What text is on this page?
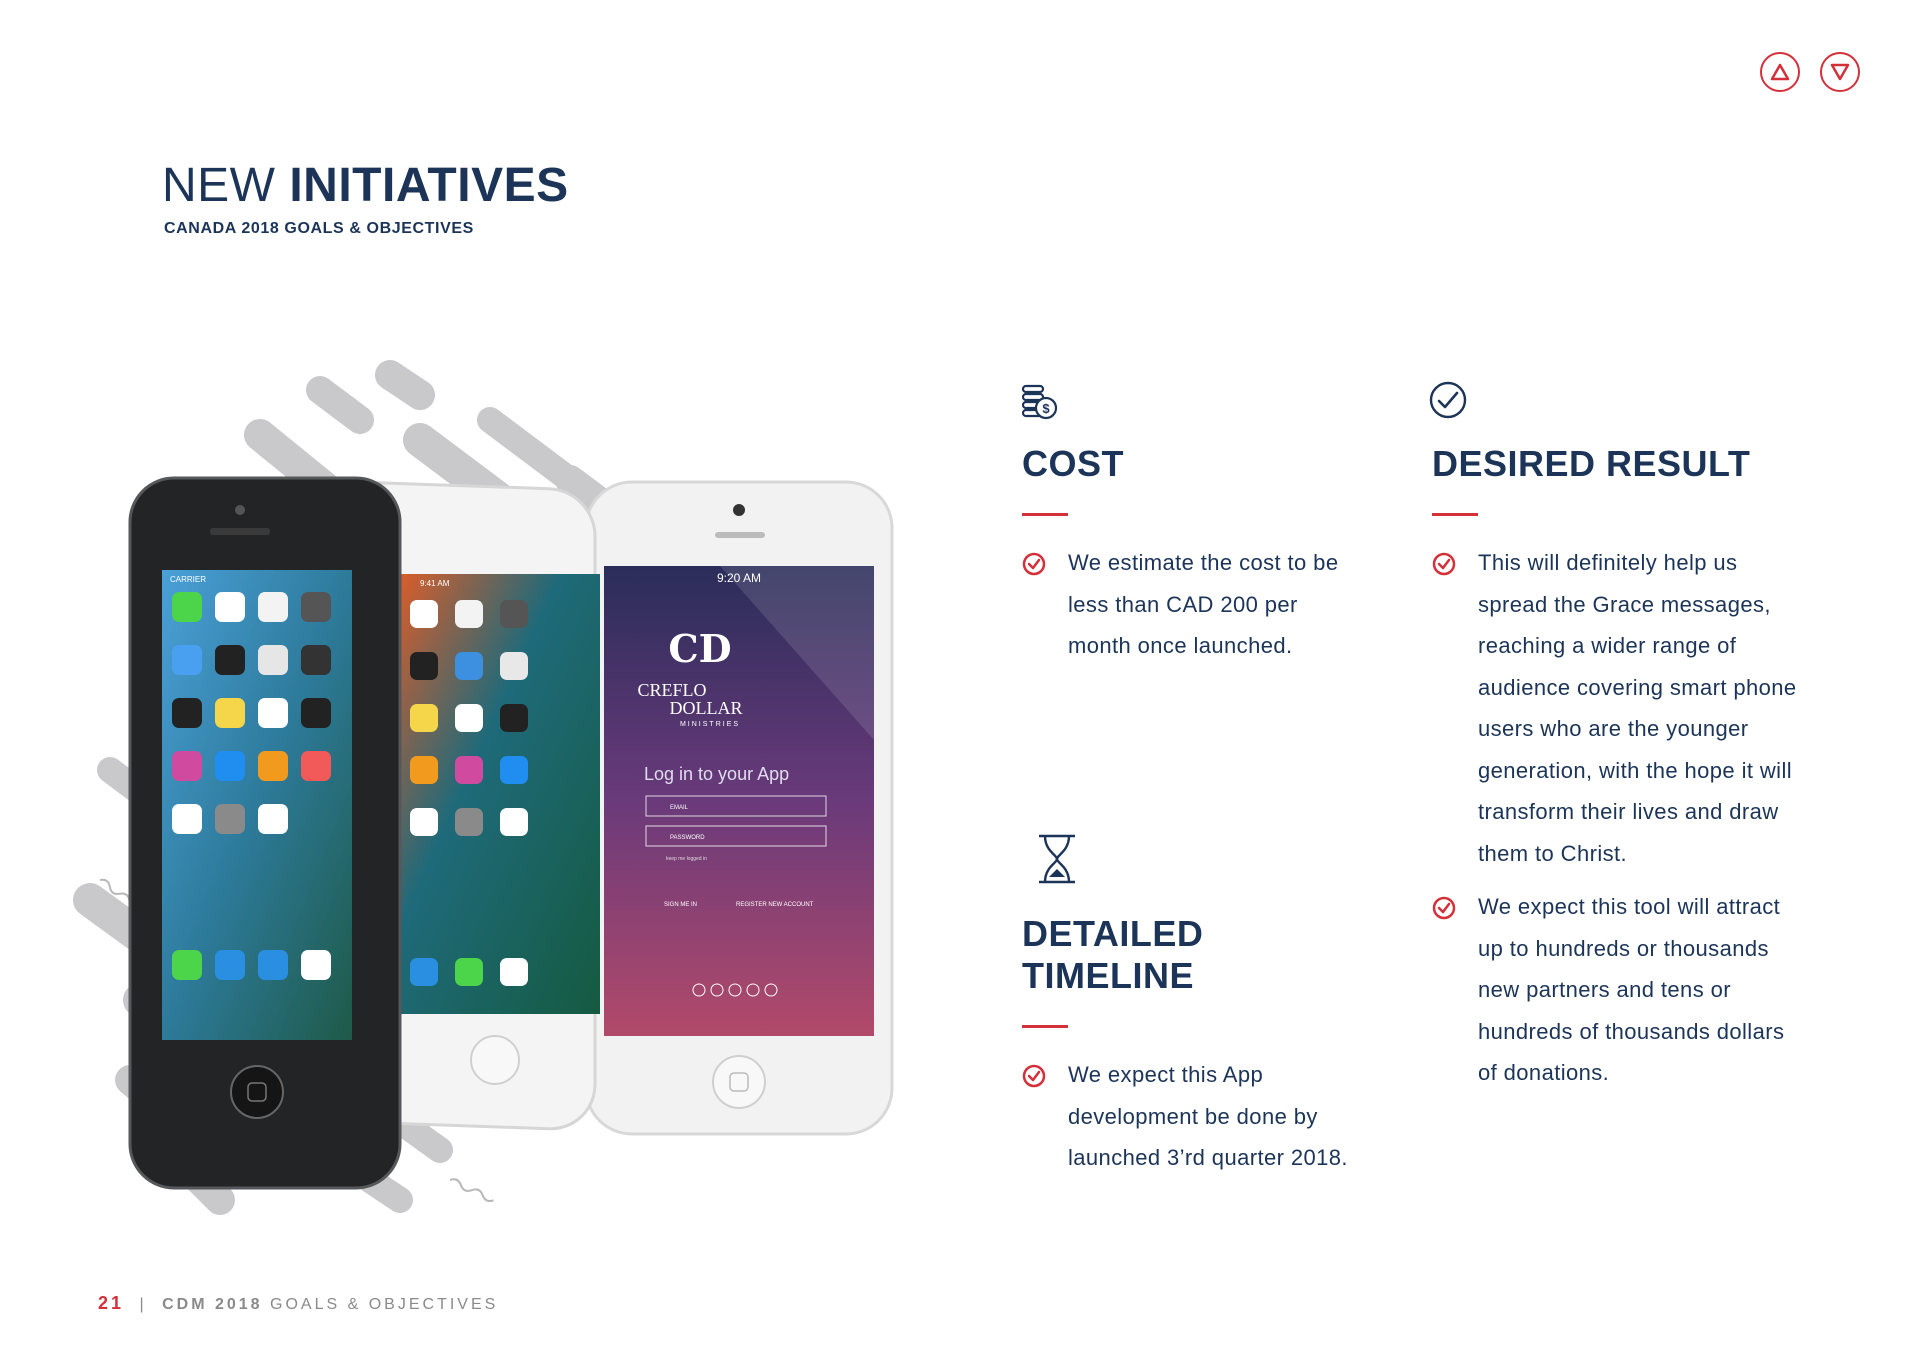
NEW INITIATIVES
CANADA 2018 GOALS & OBJECTIVES
9:20 AM
CD
CREFLO
DOLLAR
MINISTRIES
Log in to your App
EMAIL
PASSWORD
keep me logged in
SIGN ME IN	REGISTER NEW ACCOUNT
9:41 AM
CARRIER
$
COST
We estimate the cost to be less than CAD 200 per month once launched.
DETAILED
TIMELINE
We expect this App development be done by launched 3’rd quarter 2018.
DESIRED RESULT
This will definitely help us spread the Grace messages, reaching a wider range of audience covering smart phone users who are the younger generation, with the hope it will transform their lives and draw them to Christ.
We expect this tool will attract up to hundreds or thousands new partners and tens or hundreds of thousands dollars of donations.
21 | CDM 2018 GOALS & OBJECTIVES
